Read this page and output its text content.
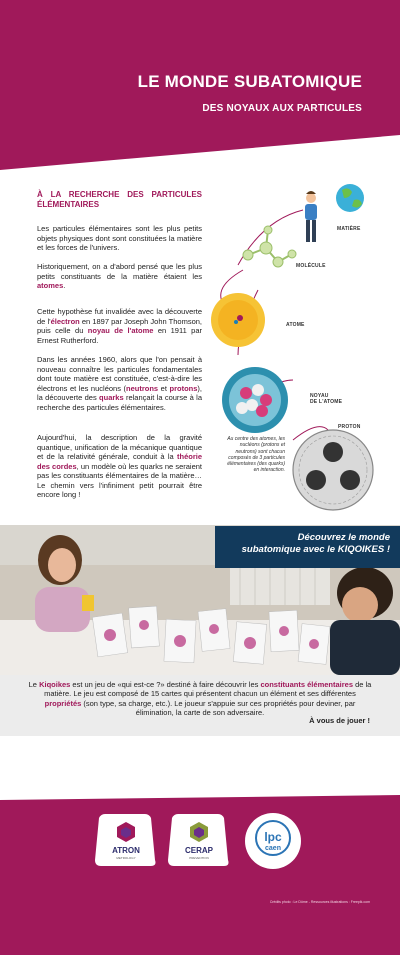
LE MONDE SUBATOMIQUE
DES NOYAUX AUX PARTICULES
À LA RECHERCHE DES PARTICULES ÉLÉMENTAIRES
Les particules élémentaires sont les plus petits objets physiques dont sont constituées la matière et les forces de l'univers.
Historiquement, on a d'abord pensé que les plus petits constituants de la matière étaient les atomes.
Cette hypothèse fut invalidée avec la découverte de l'électron en 1897 par Joseph John Thomson, puis celle du noyau de l'atome en 1911 par Ernest Rutherford.
Dans les années 1960, alors que l'on pensait à nouveau connaître les particules fondamentales dont toute matière est constituée, c'est-à-dire les électrons et les nucléons (neutrons et protons), la découverte des quarks relançait la course à la recherche des particules élémentaires.
Aujourd'hui, la description de la gravité quantique, unification de la mécanique quantique et de la relativité générale, conduit à la théorie des cordes, un modèle où les quarks ne seraient pas les constituants élémentaires de la matière… Le chemin vers l'infiniment petit pourrait être encore long !
MATIÈRE
MOLÉCULE
ATOME
NOYAU
DE L'ATOME
PROTON
Au centre des atomes, les nucléons (protons et neutrons) sont chacun composés de 3 particules élémentaires (des quarks) en interaction.
Découvrez le monde
subatomique avec le KIQOIKES !
Le Kiqoikes est un jeu de «qui est-ce ?» destiné à faire découvrir les constituants élémentaires de la matière. Le jeu est composé de 15 cartes qui présentent chacun un élément et ses différentes propriétés (son type, sa charge, etc.). Le joueur s'appuie sur ces propriétés pour deviner, par élimination, la carte de son adversaire.
À vous de jouer !
ATRON
METROLOGY
CERAP
PREVENTION
lpc
caen
Crédits photo : Le Dôme - Ressources illustrations : Freepik.com
